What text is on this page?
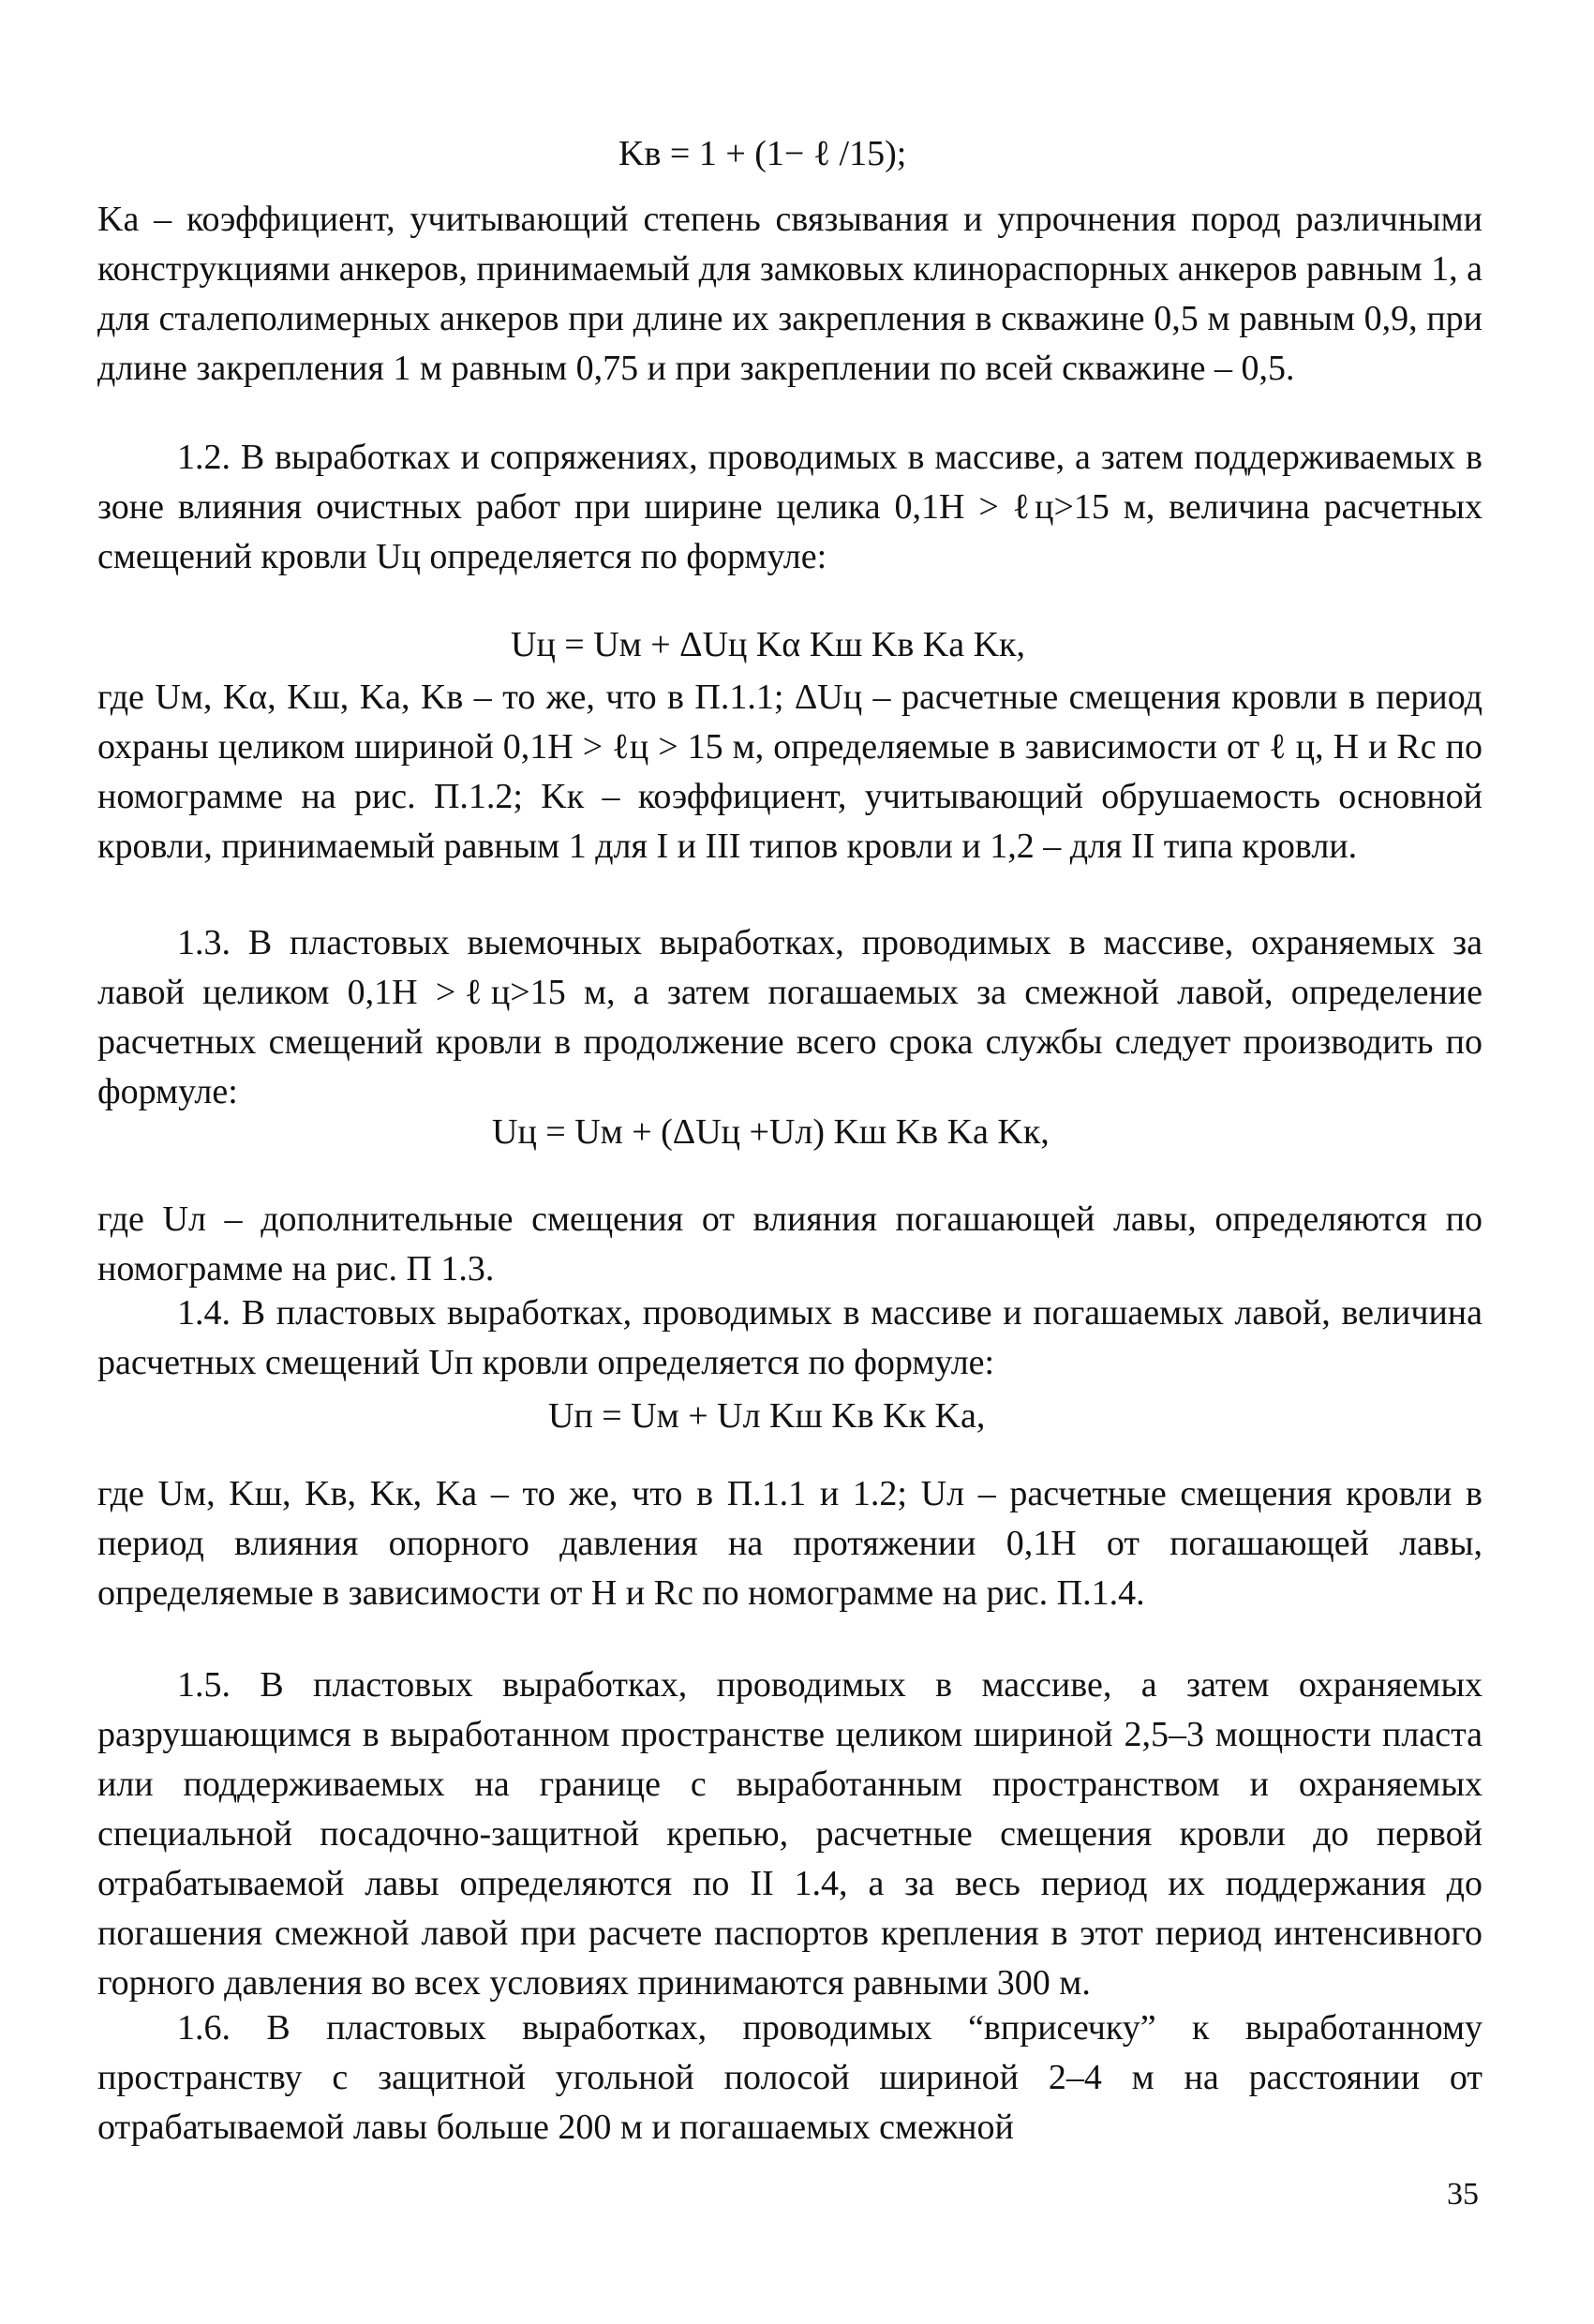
Kв = 1 + (1− ℓ /15);

Kа – коэффициент, учитывающий степень связывания и упрочнения пород различными конструкциями анкеров, принимаемый для замковых клинораспорных анкеров равным 1, а для сталеполимерных анкеров при длине их закрепления в скважине 0,5 м равным 0,9, при длине закрепления 1 м равным 0,75 и при закреплении по всей скважине – 0,5.

1.2. В выработках и сопряжениях, проводимых в массиве, а затем поддерживаемых в зоне влияния очистных работ при ширине целика 0,1H > ℓц>15 м, величина расчетных смещений кровли Uц определяется по формуле:

Uц = Uм + ΔUц Kα Kш Kв Kа Kк,

где Uм, Kα, Kш, Kа, Kв – то же, что в П.1.1; ΔUц – расчетные смещения кровли в период охраны целиком шириной 0,1H > ℓц > 15 м, определяемые в зависимости от ℓ ц, H и Rс по номограмме на рис. П.1.2; Kк – коэффициент, учитывающий обрушаемость основной кровли, принимаемый равным 1 для I и III типов кровли и 1,2 – для II типа кровли.

1.3. В пластовых выемочных выработках, проводимых в массиве, охраняемых за лавой целиком 0,1H >ℓц>15 м, а затем погашаемых за смежной лавой, определение расчетных смещений кровли в продолжение всего срока службы следует производить по формуле:

Uц = Uм + (ΔUц +Uл) Kш Kв Kа Kк,

где Uл – дополнительные смещения от влияния погашающей лавы, определяются по номограмме на рис. П 1.3.

1.4. В пластовых выработках, проводимых в массиве и погашаемых лавой, величина расчетных смещений Uп кровли определяется по формуле:

Uп = Uм + Uл Kш Kв Kк Kа,

где Uм, Kш, Kв, Kк, Kа – то же, что в П.1.1 и 1.2; Uл – расчетные смещения кровли в период влияния опорного давления на протяжении 0,1H от погашающей лавы, определяемые в зависимости от H и Rс по номограмме на рис. П.1.4.

1.5. В пластовых выработках, проводимых в массиве, а затем охраняемых разрушающимся в выработанном пространстве целиком шириной 2,5–3 мощности пласта или поддерживаемых на границе с выработанным пространством и охраняемых специальной посадочно-защитной крепью, расчетные смещения кровли до первой отрабатываемой лавы определяются по II 1.4, а за весь период их поддержания до погашения смежной лавой при расчете паспортов крепления в этот период интенсивного горного давления во всех условиях принимаются равными 300 м.

1.6. В пластовых выработках, проводимых “вприсечку” к выработанному пространству с защитной угольной полосой шириной 2–4 м на расстоянии от отрабатываемой лавы больше 200 м и погашаемых смежной

35
